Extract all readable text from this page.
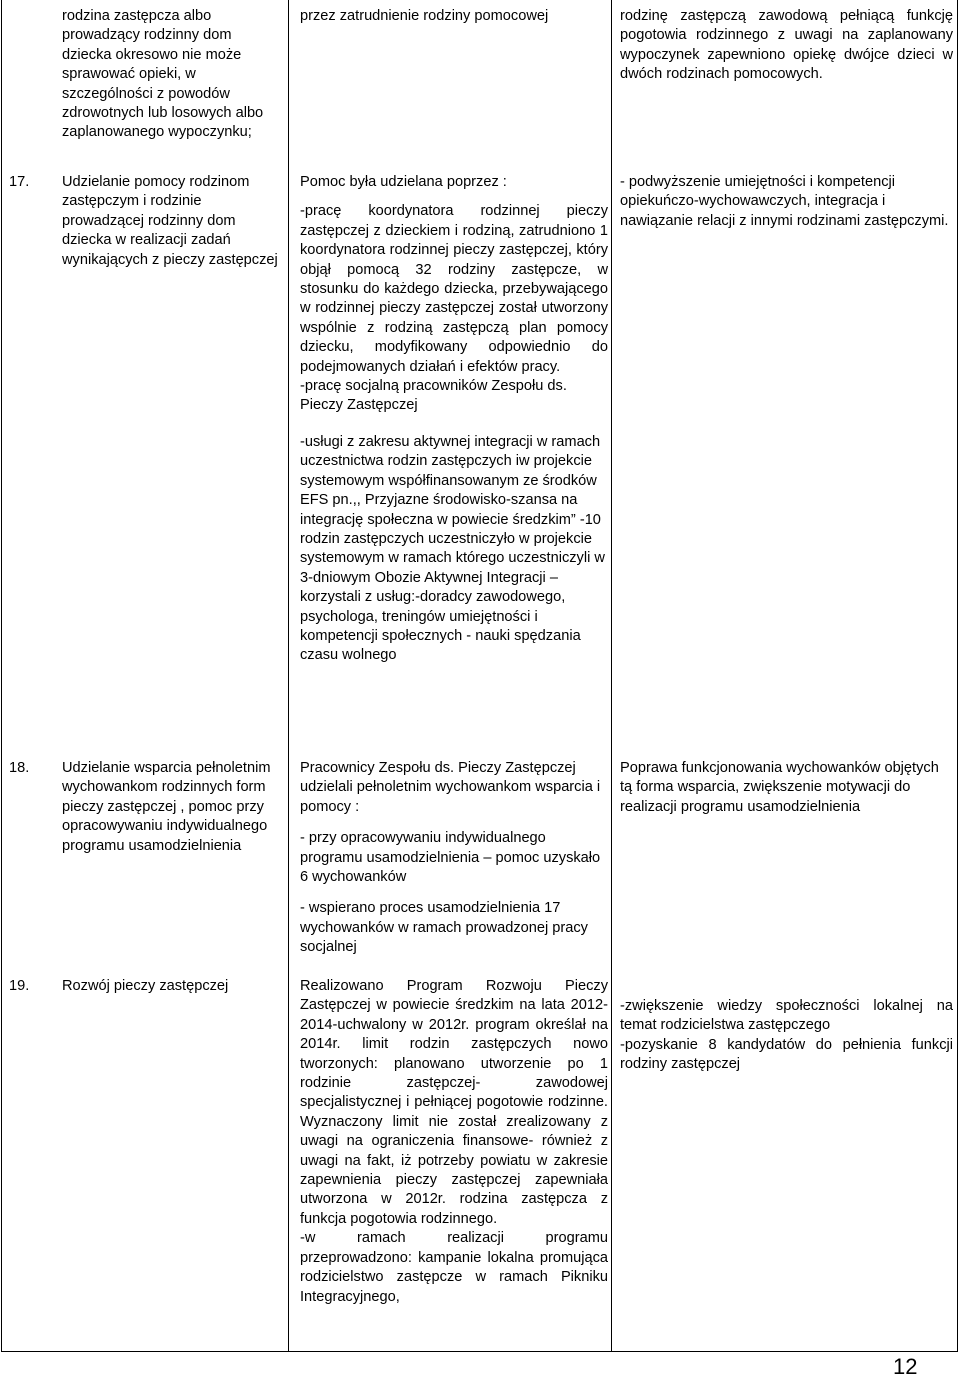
rodzina zastępcza albo prowadzący rodzinny dom dziecka okresowo nie może sprawować opieki, w szczególności z powodów zdrowotnych lub losowych albo zaplanowanego wypoczynku;

przez zatrudnienie rodziny pomocowej	rodzinę zastępczą zawodową pełniącą funkcję pogotowia rodzinnego z uwagi na zaplanowany wypoczynek zapewniono opiekę dwójce dzieci w dwóch rodzinach pomocowych.

17. Udzielanie pomocy rodzinom zastępczym i rodzinie prowadzącej rodzinny dom dziecka w realizacji zadań wynikających z pieczy zastępczej

Pomoc była udzielana poprzez :

-pracę koordynatora rodzinnej pieczy zastępczej z dzieckiem i rodziną, zatrudniono 1 koordynatora rodzinnej pieczy zastępczej, który objął pomocą 32 rodziny zastępcze, w stosunku do każdego dziecka, przebywającego w rodzinnej pieczy zastępczej został utworzony wspólnie z rodziną zastępczą plan pomocy dziecku, modyfikowany odpowiednio do podejmowanych działań i efektów pracy.

-pracę socjalną pracowników Zespołu ds. Pieczy Zastępczej

-usługi z zakresu aktywnej integracji w ramach uczestnictwa rodzin zastępczych iw projekcie systemowym współfinansowanym ze środków EFS pn.,, Przyjazne środowisko-szansa na integrację społeczna w powiecie średzkim” -10 rodzin zastępczych uczestniczyło w projekcie systemowym w ramach którego uczestniczyli w 3-dniowym Obozie Aktywnej Integracji – korzystali z usług:-doradcy zawodowego, psychologa, treningów umiejętności i kompetencji społecznych - nauki spędzania czasu wolnego

- podwyższenie umiejętności i kompetencji opiekuńczo-wychowawczych, integracja i nawiązanie relacji z innymi rodzinami zastępczymi.

18. Udzielanie wsparcia pełnoletnim wychowankom rodzinnych form pieczy zastępczej , pomoc przy opracowywaniu indywidualnego programu usamodzielnienia

Pracownicy Zespołu ds. Pieczy Zastępczej udzielali pełnoletnim wychowankom wsparcia i pomocy :

- przy opracowywaniu indywidualnego programu usamodzielnienia – pomoc uzyskało 6 wychowanków

- wspierano proces usamodzielnienia 17 wychowanków w ramach prowadzonej pracy socjalnej

Poprawa funkcjonowania wychowanków objętych tą forma wsparcia, zwiększenie motywacji do realizacji programu usamodzielnienia

19. Rozwój pieczy zastępczej	Realizowano Program Rozwoju Pieczy Zastępczej w powiecie średzkim na lata 2012-2014-uchwalony w 2012r. program określał na 2014r. limit rodzin zastępczych nowo tworzonych: planowano utworzenie po 1 rodzinie zastępczej- zawodowej specjalistycznej i pełniącej pogotowie rodzinne. Wyznaczony limit nie został zrealizowany z uwagi na ograniczenia finansowe- również z uwagi na fakt, iż potrzeby powiatu w zakresie zapewnienia pieczy zastępczej zapewniała utworzona w 2012r. rodzina zastępcza z funkcja pogotowia rodzinnego.

-w ramach realizacji programu przeprowadzono: kampanie lokalna promująca rodzicielstwo zastępcze w ramach Pikniku Integracyjnego,

-zwiększenie wiedzy społeczności lokalnej na temat rodzicielstwa zastępczego

-pozyskanie 8 kandydatów do pełnienia funkcji rodziny zastępczej

12
